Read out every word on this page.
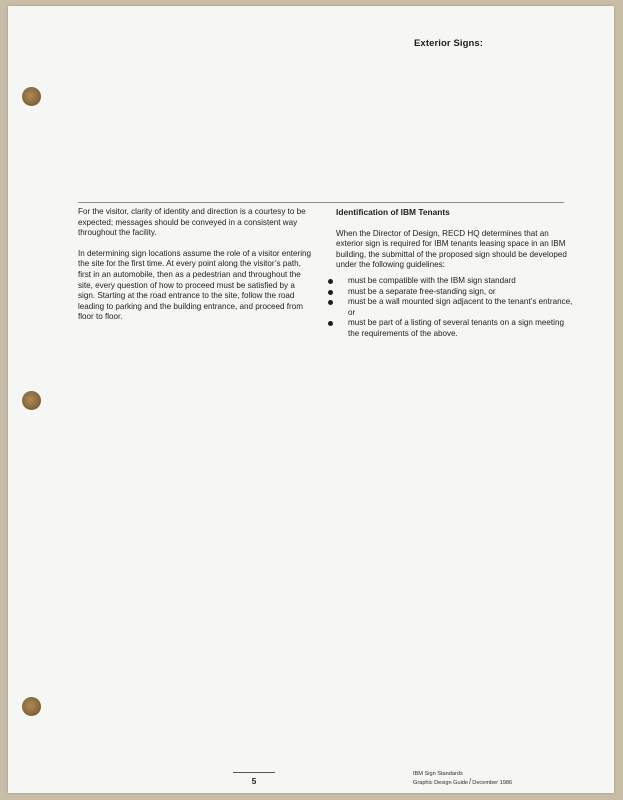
Exterior Signs:

For the visitor, clarity of identity and direction is a courtesy to be expected; messages should be conveyed in a consistent way throughout the facility.

In determining sign locations assume the role of a visitor entering the site for the first time. At every point along the visitor’s path, first in an automobile, then as a pedestrian and throughout the site, every question of how to proceed must be satisfied by a sign. Starting at the road entrance to the site, follow the road leading to parking and the building entrance, and proceed from floor to floor.

Identification of IBM Tenants

When the Director of Design, RECD HQ determines that an exterior sign is required for IBM tenants leasing space in an IBM building, the submittal of the proposed sign should be developed under the following guidelines:

must be compatible with the IBM sign standard
must be a separate free-standing sign, or
must be a wall mounted sign adjacent to the tenant’s entrance, or
must be part of a listing of several tenants on a sign meeting the requirements of the above.
5
IBM Sign Standards
Graphic Design Guide/December 1986
